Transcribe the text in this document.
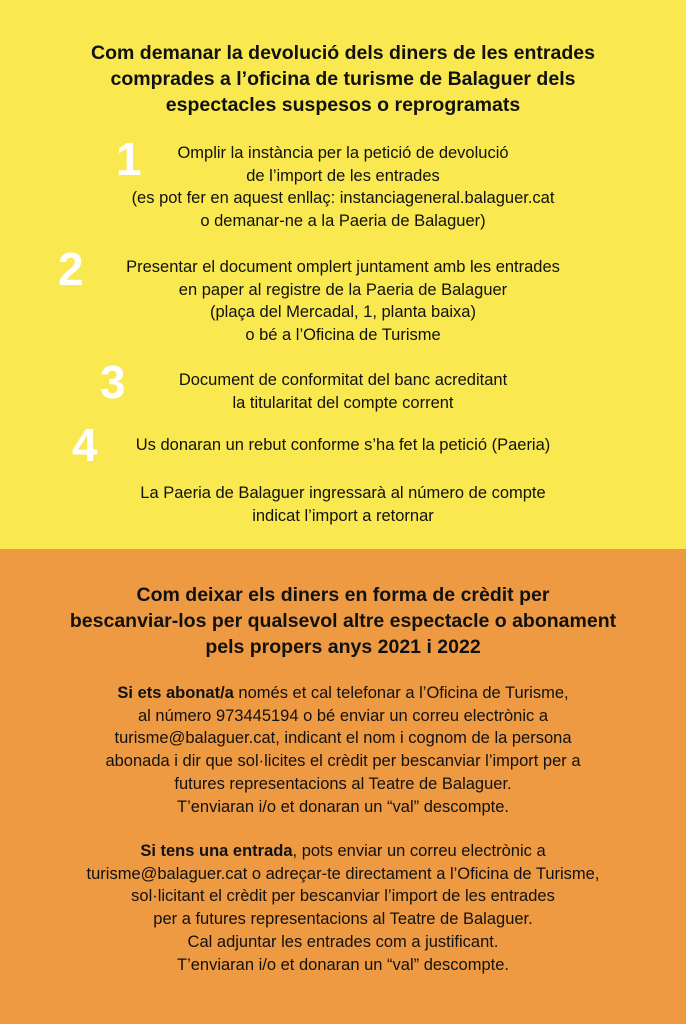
Com demanar la devolució dels diners de les entrades
comprades a l’oficina de turisme de Balaguer dels
espectacles suspesos o reprogramats
Omplir la instància per la petició de devolució
de l’import de les entrades
(es pot fer en aquest enllaç: instanciageneral.balaguer.cat
o demanar-ne a la Paeria de Balaguer)
1
Presentar el document omplert juntament amb les entrades
en paper al registre de la Paeria de Balaguer
(plaça del Mercadal, 1, planta baixa)
o bé a l’Oficina de Turisme
2
Document de conformitat del banc acreditant
la titularitat del compte corrent
3
Us donaran un rebut conforme s’ha fet la petició (Paeria)
4
La Paeria de Balaguer ingressarà al número de compte
indicat l’import a retornar
Com deixar els diners en forma de crèdit per
bescanviar-los per qualsevol altre espectacle o abonament
pels propers anys 2021 i 2022
Si ets abonat/a només et cal telefonar a l’Oficina de Turisme,
al número 973445194 o bé enviar un correu electrònic a
turisme@balaguer.cat, indicant el nom i cognom de la persona
abonada i dir que sol·licites el crèdit per bescanviar l’import per a
futures representacions al Teatre de Balaguer.
T’enviaran i/o et donaran un “val” descompte.
Si tens una entrada, pots enviar un correu electrònic a
turisme@balaguer.cat o adreçar-te directament a l’Oficina de Turisme,
sol·licitant el crèdit per bescanviar l’import de les entrades
per a futures representacions al Teatre de Balaguer.
Cal adjuntar les entrades com a justificant.
T’enviaran i/o et donaran un “val” descompte.
